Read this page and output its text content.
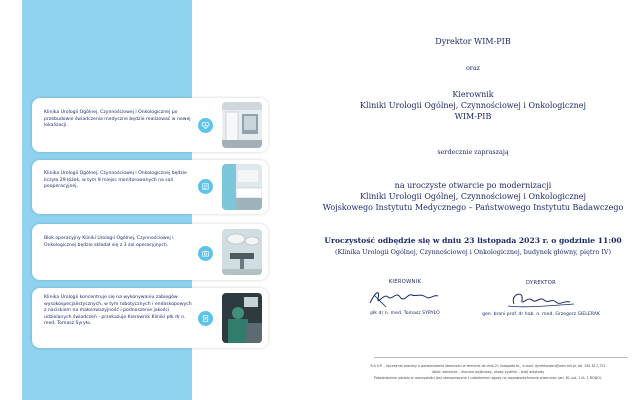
Klinika Urologii Ogólnej, Czynnościowej i Onkologicznej po przebudowie świadczenia medyczne będzie realizować w nowej lokalizacji.
Klinika Urologii Ogólnej, Czynnościowej i Onkologicznej będzie liczyła 29 łóżek, w tym 9 miejsc monitorowanych na sali pooperacyjnej.
Blok operacyjny Kliniki Urologii Ogólnej, Czynnościowej i Onkologicznej będzie składał się z 3 sal operacyjnych.
Klinika Urologii koncentruje się na wykonywaniu zabiegów wysokospecjalistycznych, w tym robotycznych i endoskopowych z naciskiem na małoinwazyjność i podnoszenie jakości udzielanych świadczeń - przekazuje Kierownik Kliniki płk dr n. med. Tomasz Syryło.
Dyrektor WIM-PIB
oraz
Kierownik
Kliniki Urologii Ogólnej, Czynnościowej i Onkologicznej
WIM-PIB
serdecznie zapraszają
na uroczyste otwarcie po modernizacji
Kliniki Urologii Ogólnej, Czynnościowej i Onkologicznej
Wojskowego Instytutu Medycznego – Państwowego Instytutu Badawczego
Uroczystość odbędzie się w dniu 23 listopada 2023 r. o godzinie 11:00
(Klinika Urologii Ogólnej, Czynnościowej i Onkologicznej, budynek główny, piętro IV)
KIEROWNIK
płk dr n. med. Tomasz SYRYŁO
DYREKTOR
gen. broni prof. dr hab. n. med. Grzegorz GIELERAK
R.S.V.P. – Uprzejmie prosimy o potwierdzenie obecności w terminie do dnia 21 listopada br., e-mail: dyrektorwim@wim.mil.pl, tel. 261 817-721
Ubiór: żołnierze – mundur wyjściowy, osoby cywilne – strój wizytowy
Potwierdzenie udziału w uroczystości jest równoznaczne z udzieleniem zgody na rozpowszechnianie wizerunku (art. 81 ust. 1 lit. 1 RODO).
